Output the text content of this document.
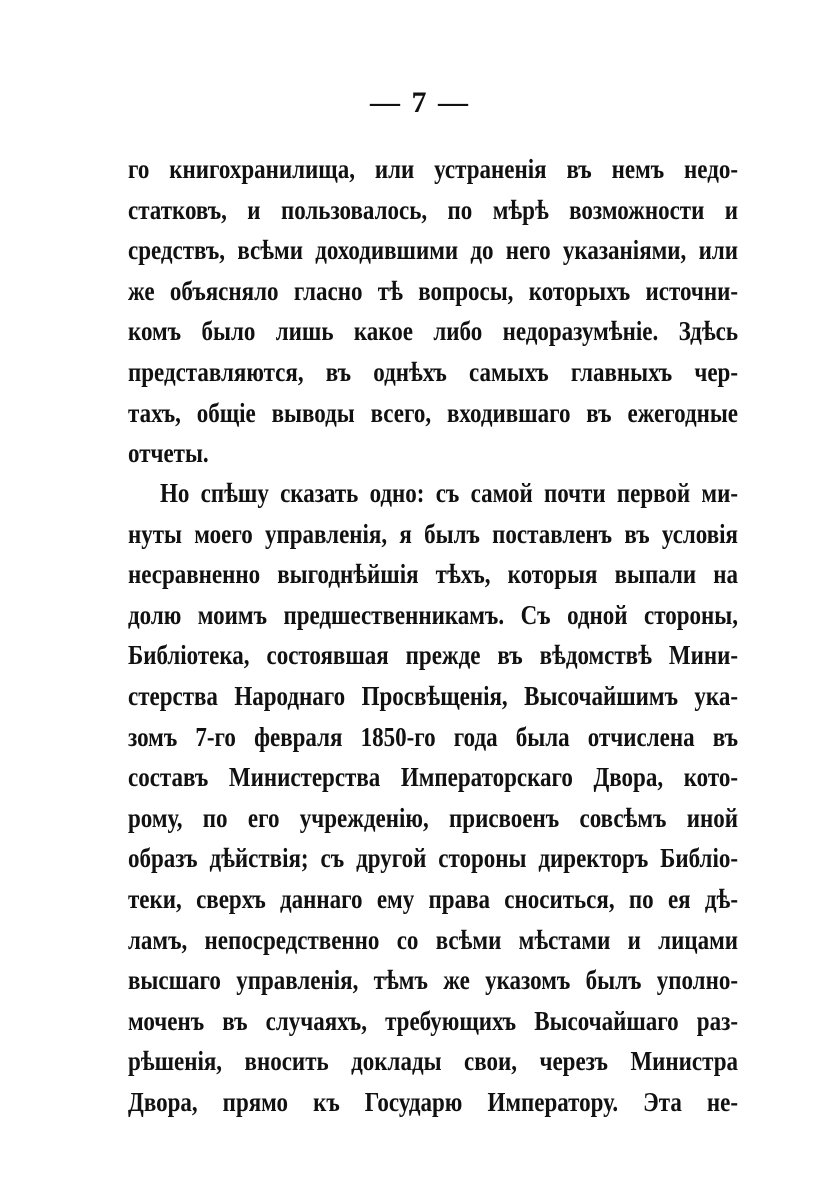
— 7 —
го книгохранилища, или устраненія въ немъ недо-
статковъ, и пользовалось, по мѣрѣ возможности и
средствъ, всѣми доходившими до него указаніями, или
же объясняло гласно тѣ вопросы, которыхъ источни-
комъ было лишь какое либо недоразумѣніе. Здѣсь
представляются, въ однѣхъ самыхъ главныхъ чер-
тахъ, общіе выводы всего, входившаго въ ежегодные
отчеты.
Но спѣшу сказать одно: съ самой почти первой ми-
нуты моего управленія, я былъ поставленъ въ условія
несравненно выгоднѣйшія тѣхъ, которыя выпали на
долю моимъ предшественникамъ. Съ одной стороны,
Библіотека, состоявшая прежде въ вѣдомствѣ Мини-
стерства Народнаго Просвѣщенія, Высочайшимъ ука-
зомъ 7-го февраля 1850-го года была отчислена въ
составъ Министерства Императорскаго Двора, кото-
рому, по его учрежденію, присвоенъ совсѣмъ иной
образъ дѣйствія; съ другой стороны директоръ Библіо-
теки, сверхъ даннаго ему права сноситься, по ея дѣ-
ламъ, непосредственно со всѣми мѣстами и лицами
высшаго управленія, тѣмъ же указомъ былъ уполно-
моченъ въ случаяхъ, требующихъ Высочайшаго раз-
рѣшенія, вносить доклады свои, черезъ Министра
Двора, прямо къ Государю Императору. Эта не-
